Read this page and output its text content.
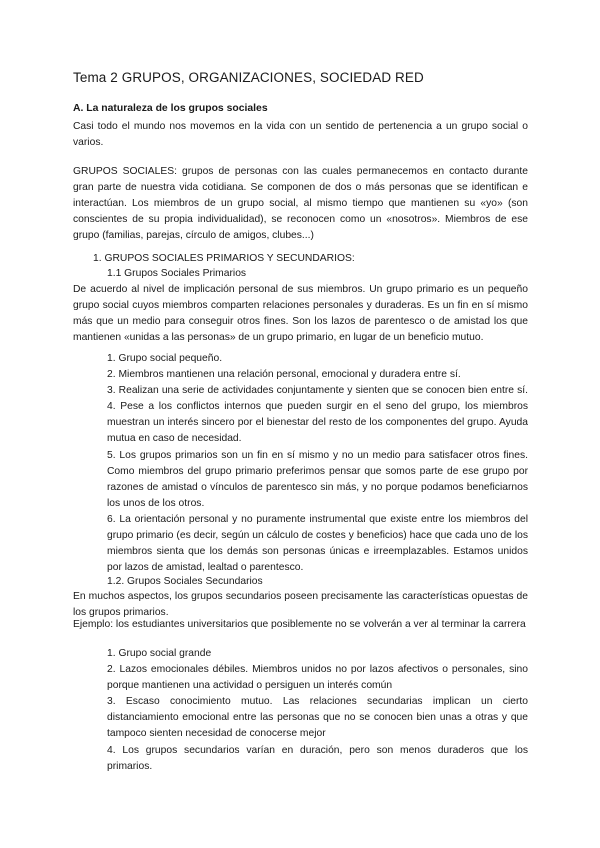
Tema 2 GRUPOS, ORGANIZACIONES, SOCIEDAD RED
A. La naturaleza de los grupos sociales

Casi todo el mundo nos movemos en la vida con un sentido de pertenencia a un grupo social o varios.

GRUPOS SOCIALES: grupos de personas con las cuales permanecemos en contacto durante gran parte de nuestra vida cotidiana. Se componen de dos o más personas que se identifican e interactúan. Los miembros de un grupo social, al mismo tiempo que mantienen su «yo» (son conscientes de su propia individualidad), se reconocen como un «nosotros». Miembros de ese grupo (familias, parejas, círculo de amigos, clubes...)

1. GRUPOS SOCIALES PRIMARIOS Y SECUNDARIOS:
1.1 Grupos Sociales Primarios

De acuerdo al nivel de implicación personal de sus miembros. Un grupo primario es un pequeño grupo social cuyos miembros comparten relaciones personales y duraderas. Es un fin en sí mismo más que un medio para conseguir otros fines. Son los lazos de parentesco o de amistad los que mantienen «unidas a las personas» de un grupo primario, en lugar de un beneficio mutuo.

1. Grupo social pequeño.
2. Miembros mantienen una relación personal, emocional y duradera entre sí.
3. Realizan una serie de actividades conjuntamente y sienten que se conocen bien entre sí. 4. Pese a los conflictos internos que pueden surgir en el seno del grupo, los miembros muestran un interés sincero por el bienestar del resto de los componentes del grupo. Ayuda mutua en caso de necesidad.
5. Los grupos primarios son un fin en sí mismo y no un medio para satisfacer otros fines. Como miembros del grupo primario preferimos pensar que somos parte de ese grupo por razones de amistad o vínculos de parentesco sin más, y no porque podamos beneficiarnos los unos de los otros.
6. La orientación personal y no puramente instrumental que existe entre los miembros del grupo primario (es decir, según un cálculo de costes y beneficios) hace que cada uno de los miembros sienta que los demás son personas únicas e irreemplazables. Estamos unidos por lazos de amistad, lealtad o parentesco.
1.2. Grupos Sociales Secundarios

En muchos aspectos, los grupos secundarios poseen precisamente las características opuestas de los grupos primarios.

Ejemplo: los estudiantes universitarios que posiblemente no se volverán a ver al terminar la carrera

1. Grupo social grande
2. Lazos emocionales débiles. Miembros unidos no por lazos afectivos o personales, sino porque mantienen una actividad o persiguen un interés común
3. Escaso conocimiento mutuo. Las relaciones secundarias implican un cierto distanciamiento emocional entre las personas que no se conocen bien unas a otras y que tampoco sienten necesidad de conocerse mejor
4. Los grupos secundarios varían en duración, pero son menos duraderos que los primarios.
